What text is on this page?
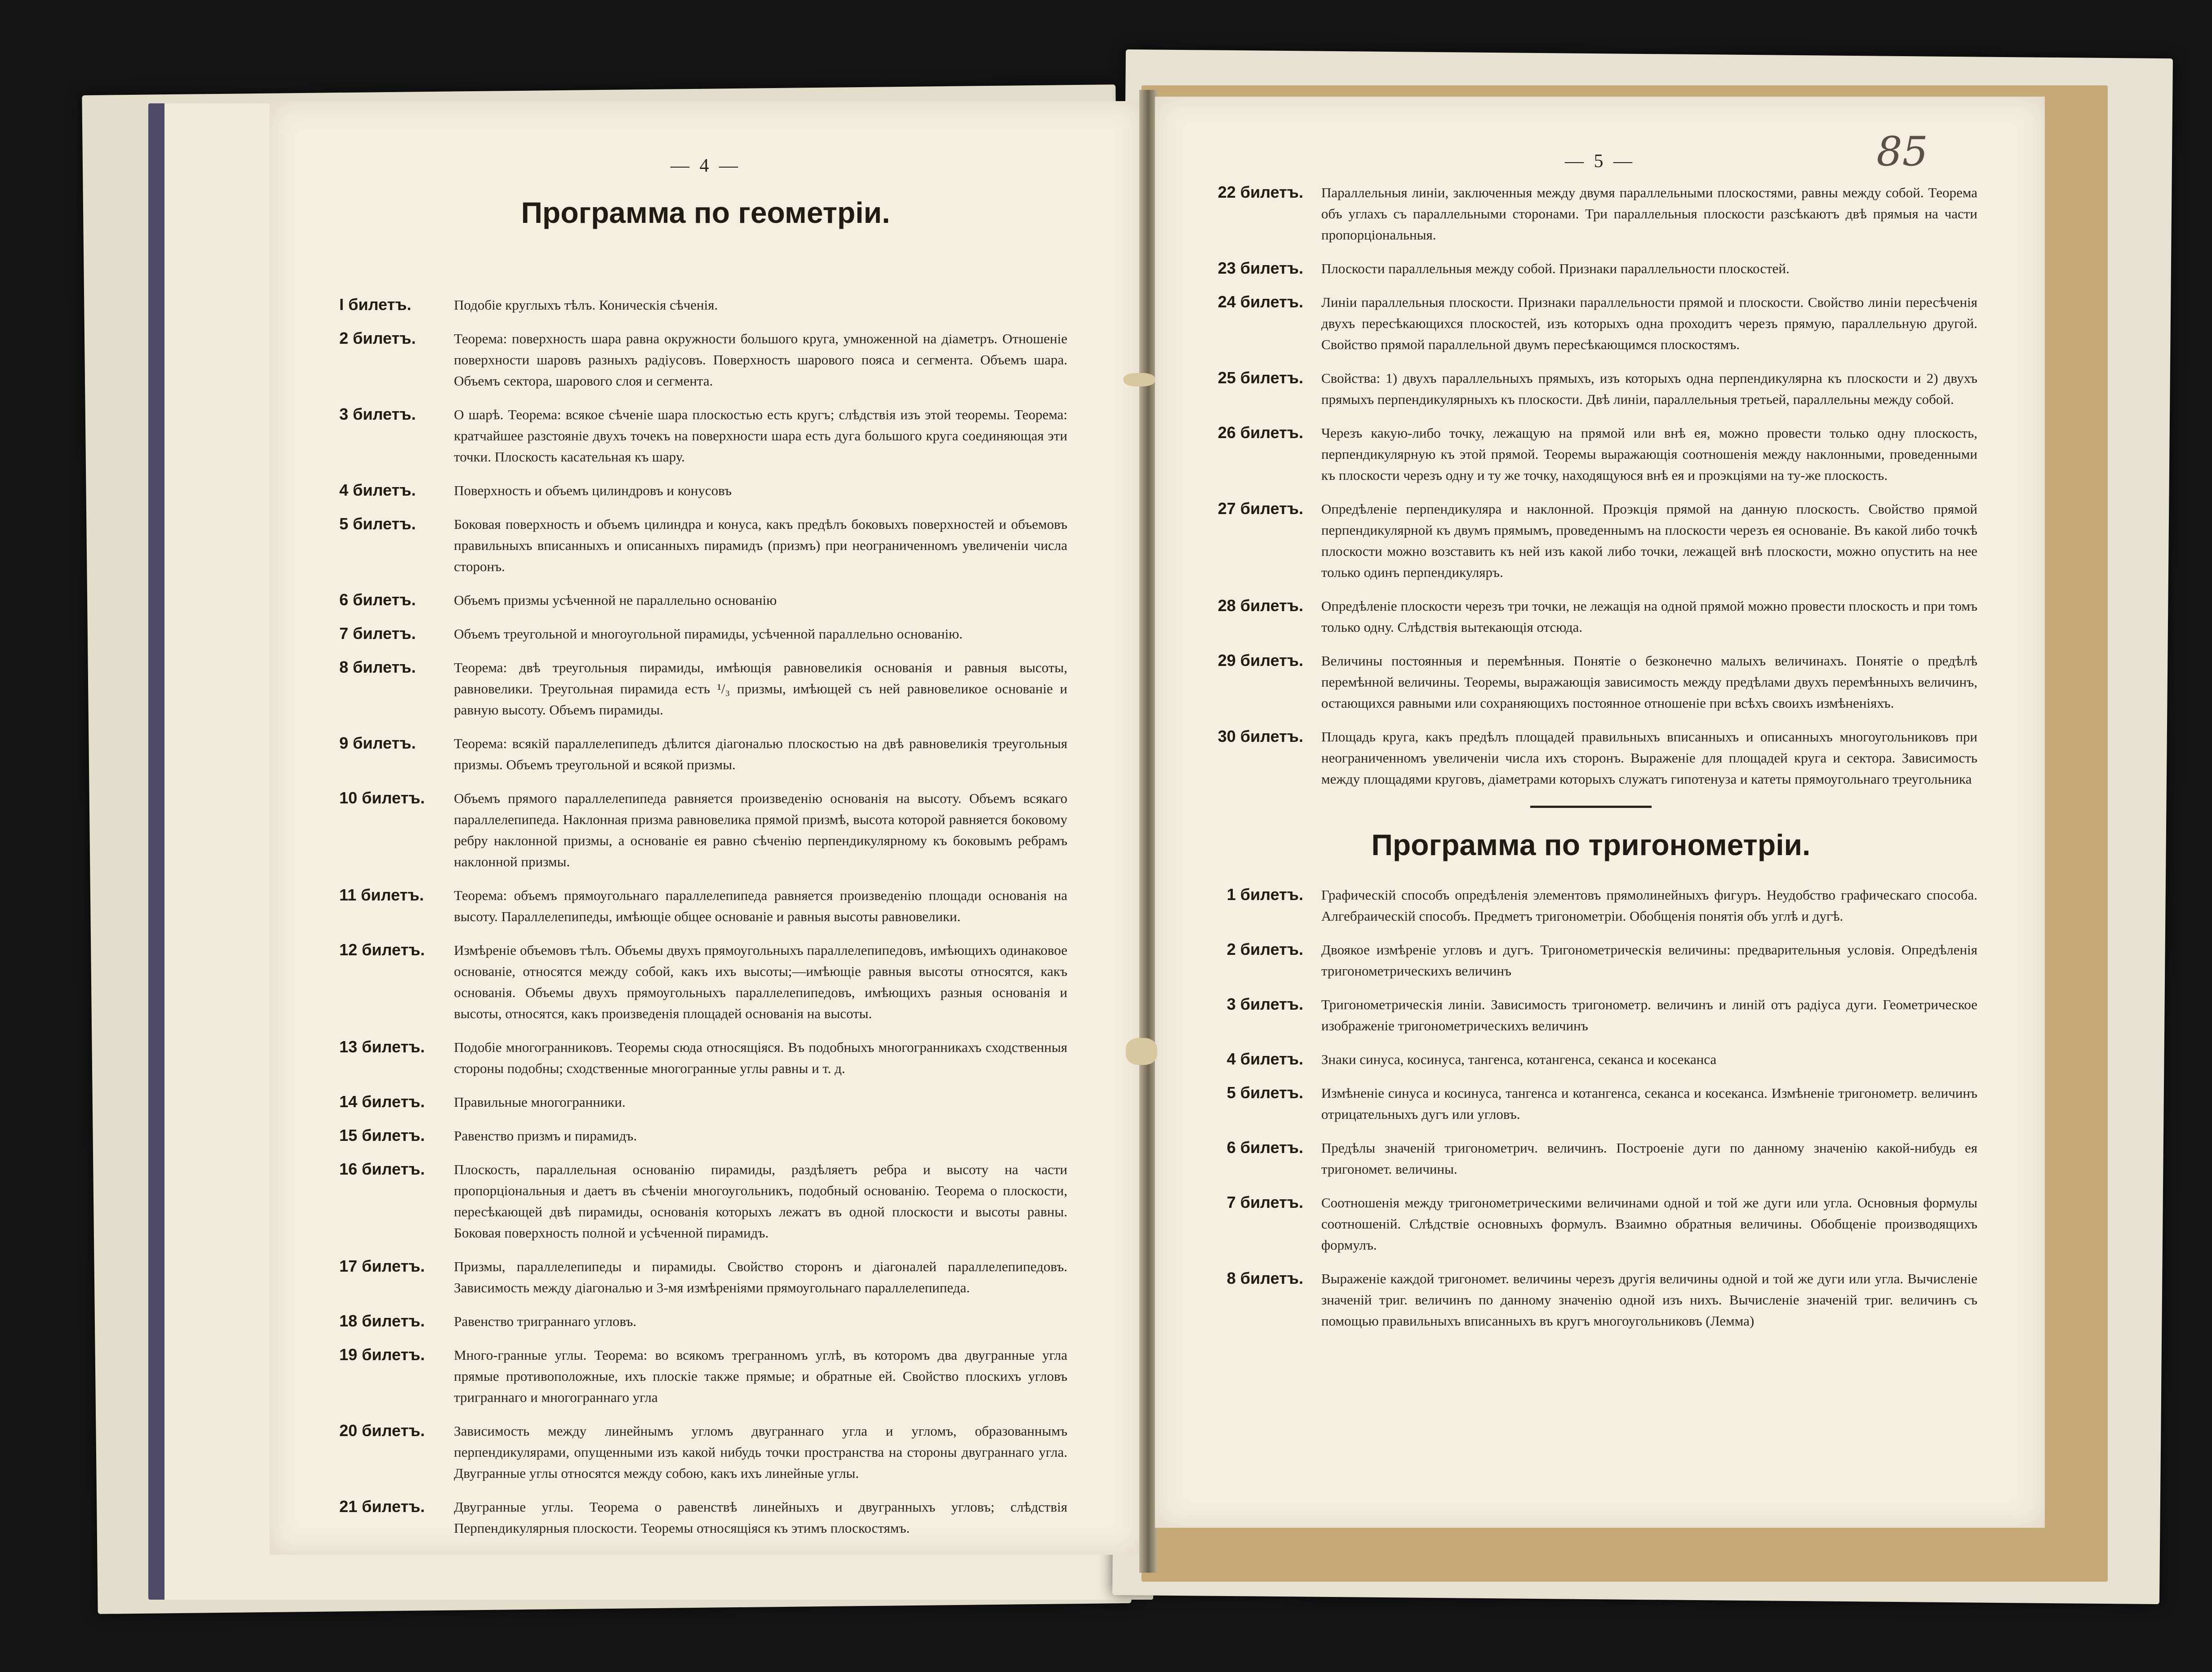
— 4 —
Программа по геометріи.
I билетъ.	Подобіе круглыхъ тѣлъ. Коническія сѣченія.
2 билетъ.	Теорема: поверхность шара равна окружности большого круга, умноженной на діаметръ. Отношеніе поверхности шаровъ разныхъ радіусовъ. Поверхность шарового пояса и сегмента. Объемъ шара. Объемъ сектора, шарового слоя и сегмента.
3 билетъ.	О шарѣ. Теорема: всякое сѣченіе шара плоскостью есть кругъ; слѣдствія изъ этой теоремы. Теорема: кратчайшее разстояніе двухъ точекъ на поверхности шара есть дуга большого круга соединяющая эти точки. Плоскость касательная къ шару.
4 билетъ.	Поверхность и объемъ цилиндровъ и конусовъ
5 билетъ.	Боковая поверхность и объемъ цилиндра и конуса, какъ предѣлъ боковыхъ поверхностей и объемовъ правильныхъ вписанныхъ и описанныхъ пирамидъ (призмъ) при неограниченномъ увеличеніи числа сторонъ.
6 билетъ.	Объемъ призмы усѣченной не параллельно основанію
7 билетъ.	Объемъ треугольной и многоугольной пирамиды, усѣченной параллельно основанію.
8 билетъ.	Теорема: двѣ треугольныя пирамиды, имѣющія равновеликія основанія и равныя высоты, равновелики. Треугольная пирамида есть ¹/₃ призмы, имѣющей съ ней равновеликое основаніе и равную высоту. Объемъ пирамиды.
9 билетъ.	Теорема: всякій параллелепипедъ дѣлится діагональю плоскостью на двѣ равновеликія треугольныя призмы. Объемъ треугольной и всякой призмы.
10 билетъ.	Объемъ прямого параллелепипеда равняется произведенію основанія на высоту. Объемъ всякаго параллелепипеда. Наклонная призма равновелика прямой призмѣ, высота которой равняется боковому ребру наклонной призмы, а основаніе ея равно сѣченію перпендикулярному къ боковымъ ребрамъ наклонной призмы.
11 билетъ.	Теорема: объемъ прямоугольнаго параллелепипеда равняется произведенію площади основанія на высоту. Параллелепипеды, имѣющіе общее основаніе и равныя высоты равновелики.
12 билетъ.	Измѣреніе объемовъ тѣлъ. Объемы двухъ прямоугольныхъ параллелепипедовъ, имѣющихъ одинаковое основаніе, относятся между собой, какъ ихъ высоты;—имѣющіе равныя высоты относятся, какъ основанія. Объемы двухъ прямоугольныхъ параллелепипедовъ, имѣющихъ разныя основанія и высоты, относятся, какъ произведенія площадей основанія на высоты.
13 билетъ.	Подобіе многогранниковъ. Теоремы сюда относящіяся. Въ подобныхъ многогранникахъ сходственныя стороны подобны; сходственные многогранные углы равны и т. д.
14 билетъ.	Правильные многогранники.
15 билетъ.	Равенство призмъ и пирамидъ.
16 билетъ.	Плоскость, параллельная основанію пирамиды, раздѣляетъ ребра и высоту на части пропорціональныя и даетъ въ сѣченіи многоугольникъ, подобный основанію. Теорема о плоскости, пересѣкающей двѣ пирамиды, основанія которыхъ лежатъ въ одной плоскости и высоты равны. Боковая поверхность полной и усѣченной пирамидъ.
17 билетъ.	Призмы, параллелепипеды и пирамиды. Свойство сторонъ и діагоналей параллелепипедовъ. Зависимость между діагональю и 3-мя измѣреніями прямоугольнаго параллелепипеда.
18 билетъ.	Равенство триграннаго угловъ.
19 билетъ.	Много-гранные углы. Теорема: во всякомъ трегранномъ углѣ, въ которомъ два двугранные угла прямые противоположные, ихъ плоскіе также прямые; и обратные ей. Свойство плоскихъ угловъ триграннаго и многограннаго угла
20 билетъ.	Зависимость между линейнымъ угломъ двуграннаго угла и угломъ, образованнымъ перпендикулярами, опущенными изъ какой нибудь точки пространства на стороны двуграннаго угла. Двугранные углы относятся между собою, какъ ихъ линейные углы.
21 билетъ.	Двугранные углы. Теорема о равенствѣ линейныхъ и двугранныхъ угловъ; слѣдствія Перпендикулярныя плоскости. Теоремы относящіяся къ этимъ плоскостямъ.
— 5 —	85
22 билетъ.	Параллельныя линіи, заключенныя между двумя параллельными плоскостями, равны между собой. Теорема объ углахъ съ параллельными сторонами. Три параллельныя плоскости разсѣкаютъ двѣ прямыя на части пропорціональныя.
23 билетъ.	Плоскости параллельныя между собой. Признаки параллельности плоскостей.
24 билетъ.	Линіи параллельныя плоскости. Признаки параллельности прямой и плоскости. Свойство линіи пересѣченія двухъ пересѣкающихся плоскостей, изъ которыхъ одна проходитъ черезъ прямую, параллельную другой. Свойство прямой параллельной двумъ пересѣкающимся плоскостямъ.
25 билетъ.	Свойства: 1) двухъ параллельныхъ прямыхъ, изъ которыхъ одна перпендикулярна къ плоскости и 2) двухъ прямыхъ перпендикулярныхъ къ плоскости. Двѣ линіи, параллельныя третьей, параллельны между собой.
26 билетъ.	Черезъ какую-либо точку, лежащую на прямой или внѣ ея, можно провести только одну плоскость, перпендикулярную къ этой прямой. Теоремы выражающія соотношенія между наклонными, проведенными къ плоскости черезъ одну и ту же точку, находящуюся внѣ ея и проэкціями на ту-же плоскость.
27 билетъ.	Опредѣленіе перпендикуляра и наклонной. Проэкція прямой на данную плоскость. Свойство прямой перпендикулярной къ двумъ прямымъ, проведеннымъ на плоскости черезъ ея основаніе. Въ какой либо точкѣ плоскости можно возставить къ ней изъ какой либо точки, лежащей внѣ плоскости, можно опустить на нее только одинъ перпендикуляръ.
28 билетъ.	Опредѣленіе плоскости черезъ три точки, не лежащія на одной прямой можно провести плоскость и при томъ только одну. Слѣдствія вытекающія отсюда.
29 билетъ.	Величины постоянныя и перемѣнныя. Понятіе о безконечно малыхъ величинахъ. Понятіе о предѣлѣ перемѣнной величины. Теоремы, выражающія зависимость между предѣлами двухъ перемѣнныхъ величинъ, остающихся равными или сохраняющихъ постоянное отношеніе при всѣхъ своихъ измѣненіяхъ.
30 билетъ.	Площадь круга, какъ предѣлъ площадей правильныхъ вписанныхъ и описанныхъ многоугольниковъ при неограниченномъ увеличеніи числа ихъ сторонъ. Выраженіе для площадей круга и сектора. Зависимость между площадями круговъ, діаметрами которыхъ служатъ гипотенуза и катеты прямоугольнаго треугольника
Программа по тригонометріи.
1 билетъ.	Графическій способъ опредѣленія элементовъ прямолинейныхъ фигуръ. Неудобство графическаго способа. Алгебраическій способъ. Предметъ тригонометріи. Обобщенія понятія объ углѣ и дугѣ.
2 билетъ.	Двоякое измѣреніе угловъ и дугъ. Тригонометрическія величины: предварительныя условія. Опредѣленія тригонометрическихъ величинъ
3 билетъ.	Тригонометрическія линіи. Зависимость тригонометр. величинъ и линій отъ радіуса дуги. Геометрическое изображеніе тригонометрическихъ величинъ
4 билетъ.	Знаки синуса, косинуса, тангенса, котангенса, секанса и косеканса
5 билетъ.	Измѣненіе синуса и косинуса, тангенса и котангенса, секанса и косеканса. Измѣненіе тригонометр. величинъ отрицательныхъ дугъ или угловъ.
6 билетъ.	Предѣлы значеній тригонометрич. величинъ. Построеніе дуги по данному значенію какой-нибудь ея тригономет. величины.
7 билетъ.	Соотношенія между тригонометрическими величинами одной и той же дуги или угла. Основныя формулы соотношеній. Слѣдствіе основныхъ формулъ. Взаимно обратныя величины. Обобщеніе производящихъ формулъ.
8 билетъ.	Выраженіе каждой тригономет. величины черезъ другія величины одной и той же дуги или угла. Вычисленіе значеній триг. величинъ по данному значенію одной изъ нихъ. Вычисленіе значеній триг. величинъ съ помощью правильныхъ вписанныхъ въ кругъ многоугольниковъ (Лемма)
